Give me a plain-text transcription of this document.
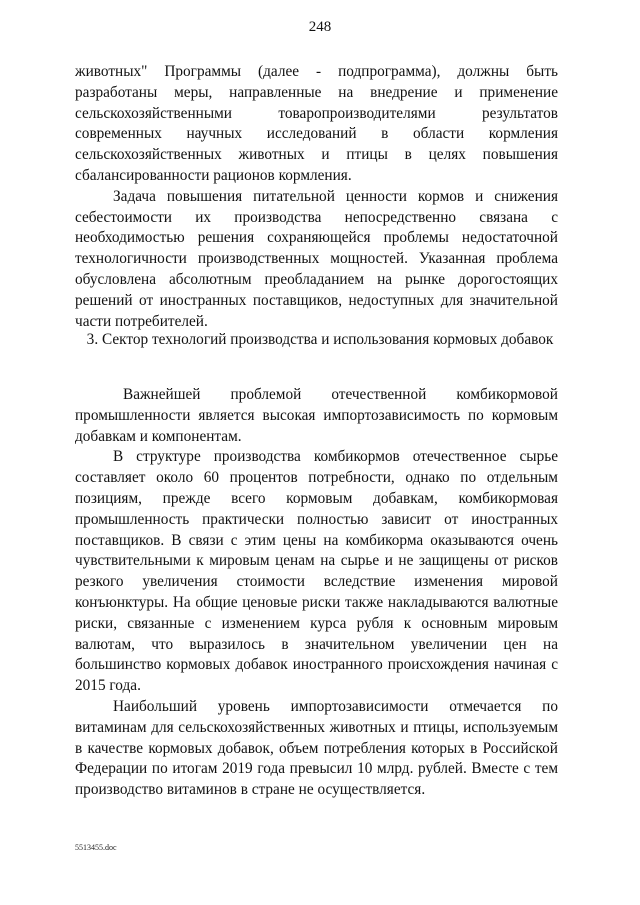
248

животных" Программы (далее - подпрограмма), должны быть разработаны меры, направленные на внедрение и применение сельскохозяйственными товаропроизводителями результатов современных научных исследований в области кормления сельскохозяйственных животных и птицы в целях повышения сбалансированности рационов кормления.

Задача повышения питательной ценности кормов и снижения себестоимости их производства непосредственно связана с необходимостью решения сохраняющейся проблемы недостаточной технологичности производственных мощностей. Указанная проблема обусловлена абсолютным преобладанием на рынке дорогостоящих решений от иностранных поставщиков, недоступных для значительной части потребителей.

3. Сектор технологий производства и использования кормовых добавок

Важнейшей проблемой отечественной комбикормовой промышленности является высокая импортозависимость по кормовым добавкам и компонентам.

В структуре производства комбикормов отечественное сырье составляет около 60 процентов потребности, однако по отдельным позициям, прежде всего кормовым добавкам, комбикормовая промышленность практически полностью зависит от иностранных поставщиков. В связи с этим цены на комбикорма оказываются очень чувствительными к мировым ценам на сырье и не защищены от рисков резкого увеличения стоимости вследствие изменения мировой конъюнктуры. На общие ценовые риски также накладываются валютные риски, связанные с изменением курса рубля к основным мировым валютам, что выразилось в значительном увеличении цен на большинство кормовых добавок иностранного происхождения начиная с 2015 года.

Наибольший уровень импортозависимости отмечается по витаминам для сельскохозяйственных животных и птицы, используемым в качестве кормовых добавок, объем потребления которых в Российской Федерации по итогам 2019 года превысил 10 млрд. рублей. Вместе с тем производство витаминов в стране не осуществляется.

5513455.doc
